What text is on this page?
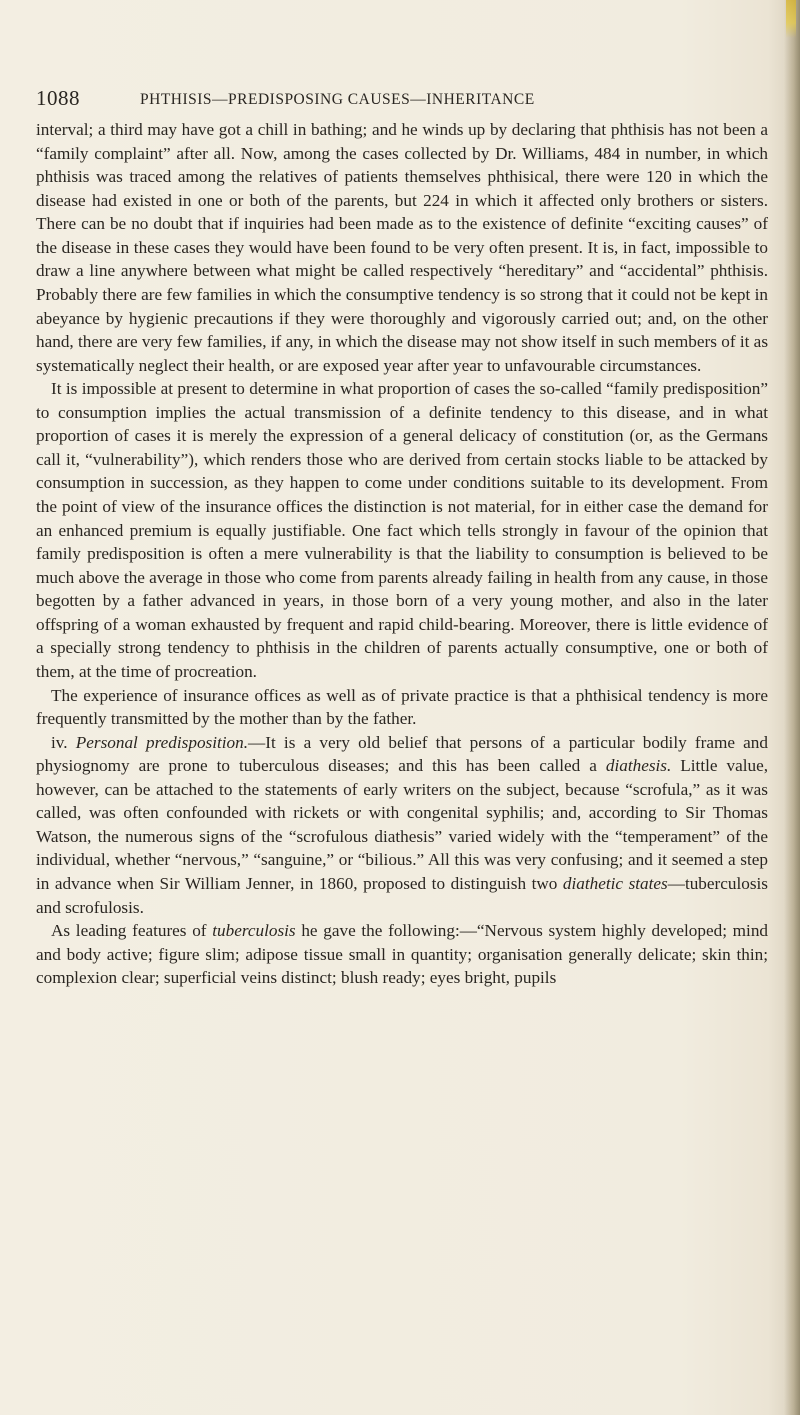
1088	PHTHISIS—PREDISPOSING CAUSES—INHERITANCE

interval; a third may have got a chill in bathing; and he winds up by declaring that phthisis has not been a “family complaint” after all. Now, among the cases collected by Dr. Williams, 484 in number, in which phthisis was traced among the relatives of patients themselves phthisical, there were 120 in which the disease had existed in one or both of the parents, but 224 in which it affected only brothers or sisters. There can be no doubt that if inquiries had been made as to the existence of definite “exciting causes” of the disease in these cases they would have been found to be very often present. It is, in fact, impossible to draw a line anywhere between what might be called respectively “hereditary” and “accidental” phthisis. Probably there are few families in which the consumptive tendency is so strong that it could not be kept in abeyance by hygienic precautions if they were thoroughly and vigorously carried out; and, on the other hand, there are very few families, if any, in which the disease may not show itself in such members of it as systematically neglect their health, or are exposed year after year to unfavourable circumstances.

It is impossible at present to determine in what proportion of cases the so-called “family predisposition” to consumption implies the actual transmission of a definite tendency to this disease, and in what proportion of cases it is merely the expression of a general delicacy of constitution (or, as the Germans call it, “vulnerability”), which renders those who are derived from certain stocks liable to be attacked by consumption in succession, as they happen to come under conditions suitable to its development. From the point of view of the insurance offices the distinction is not material, for in either case the demand for an enhanced premium is equally justifiable. One fact which tells strongly in favour of the opinion that family predisposition is often a mere vulnerability is that the liability to consumption is believed to be much above the average in those who come from parents already failing in health from any cause, in those begotten by a father advanced in years, in those born of a very young mother, and also in the later offspring of a woman exhausted by frequent and rapid child-bearing. Moreover, there is little evidence of a specially strong tendency to phthisis in the children of parents actually consumptive, one or both of them, at the time of procreation.

The experience of insurance offices as well as of private practice is that a phthisical tendency is more frequently transmitted by the mother than by the father.

iv. Personal predisposition.—It is a very old belief that persons of a particular bodily frame and physiognomy are prone to tuberculous diseases; and this has been called a diathesis. Little value, however, can be attached to the statements of early writers on the subject, because “scrofula,” as it was called, was often confounded with rickets or with congenital syphilis; and, according to Sir Thomas Watson, the numerous signs of the “scrofulous diathesis” varied widely with the “temperament” of the individual, whether “nervous,” “sanguine,” or “bilious.” All this was very confusing; and it seemed a step in advance when Sir William Jenner, in 1860, proposed to distinguish two diathetic states—tuberculosis and scrofulosis.

As leading features of tuberculosis he gave the following:—“Nervous system highly developed; mind and body active; figure slim; adipose tissue small in quantity; organisation generally delicate; skin thin; complexion clear; superficial veins distinct; blush ready; eyes bright, pupils
